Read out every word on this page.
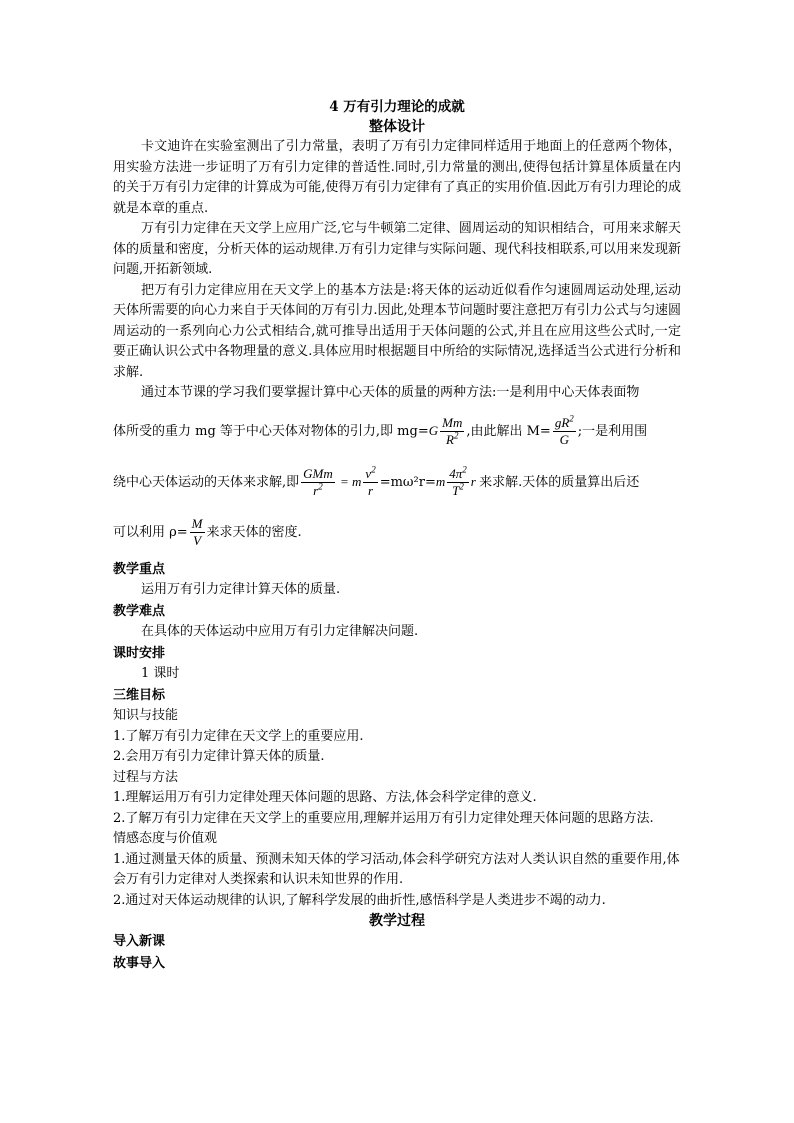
4 万有引力理论的成就
整体设计

卡文迪许在实验室测出了引力常量，表明了万有引力定律同样适用于地面上的任意两个物体，用实验方法进一步证明了万有引力定律的普适性.同时,引力常量的测出,使得包括计算星体质量在内的关于万有引力定律的计算成为可能,使得万有引力定律有了真正的实用价值.因此万有引力理论的成就是本章的重点.

万有引力定律在天文学上应用广泛,它与牛顿第二定律、圆周运动的知识相结合，可用来求解天体的质量和密度，分析天体的运动规律.万有引力定律与实际问题、现代科技相联系,可以用来发现新问题,开拓新领域.

把万有引力定律应用在天文学上的基本方法是:将天体的运动近似看作匀速圆周运动处理,运动天体所需要的向心力来自于天体间的万有引力.因此,处理本节问题时要注意把万有引力公式与匀速圆周运动的一系列向心力公式相结合,就可推导出适用于天体问题的公式,并且在应用这些公式时,一定要正确认识公式中各物理量的意义.具体应用时根据题目中所给的实际情况,选择适当公式进行分析和求解.

通过本节课的学习我们要掌握计算中心天体的质量的两种方法:一是利用中心天体表面物

体所受的重力 mg 等于中心天体对物体的引力,即 $mg=G \frac{Mm}{R^2}$ ,由此解出 $M= \frac{gR^2}{G}$ ;一是利用围
绕中心天体运动的天体来求解,即 $\frac{\text{GMm}}{r^2} = m \frac{v^2}{r} =m\omega^2r=m \frac{4\pi^2}{T^2}$ r 来求解.天体的质量算出后还
可以利用 $\rho= \frac{M}{V}$ 来求天体的密度.
教学重点
运用万有引力定律计算天体的质量.
教学难点
在具体的天体运动中应用万有引力定律解决问题.
课时安排
1 课时
三维目标
知识与技能
1.了解万有引力定律在天文学上的重要应用.
2.会用万有引力定律计算天体的质量.
过程与方法
1.理解运用万有引力定律处理天体问题的思路、方法,体会科学定律的意义.
2.了解万有引力定律在天文学上的重要应用,理解并运用万有引力定律处理天体问题的思路方法.
情感态度与价值观
1.通过测量天体的质量、预测未知天体的学习活动,体会科学研究方法对人类认识自然的重要作用,体会万有引力定律对人类探索和认识未知世界的作用.
2.通过对天体运动规律的认识,了解科学发展的曲折性,感悟科学是人类进步不竭的动力.
教学过程
导入新课
故事导入
